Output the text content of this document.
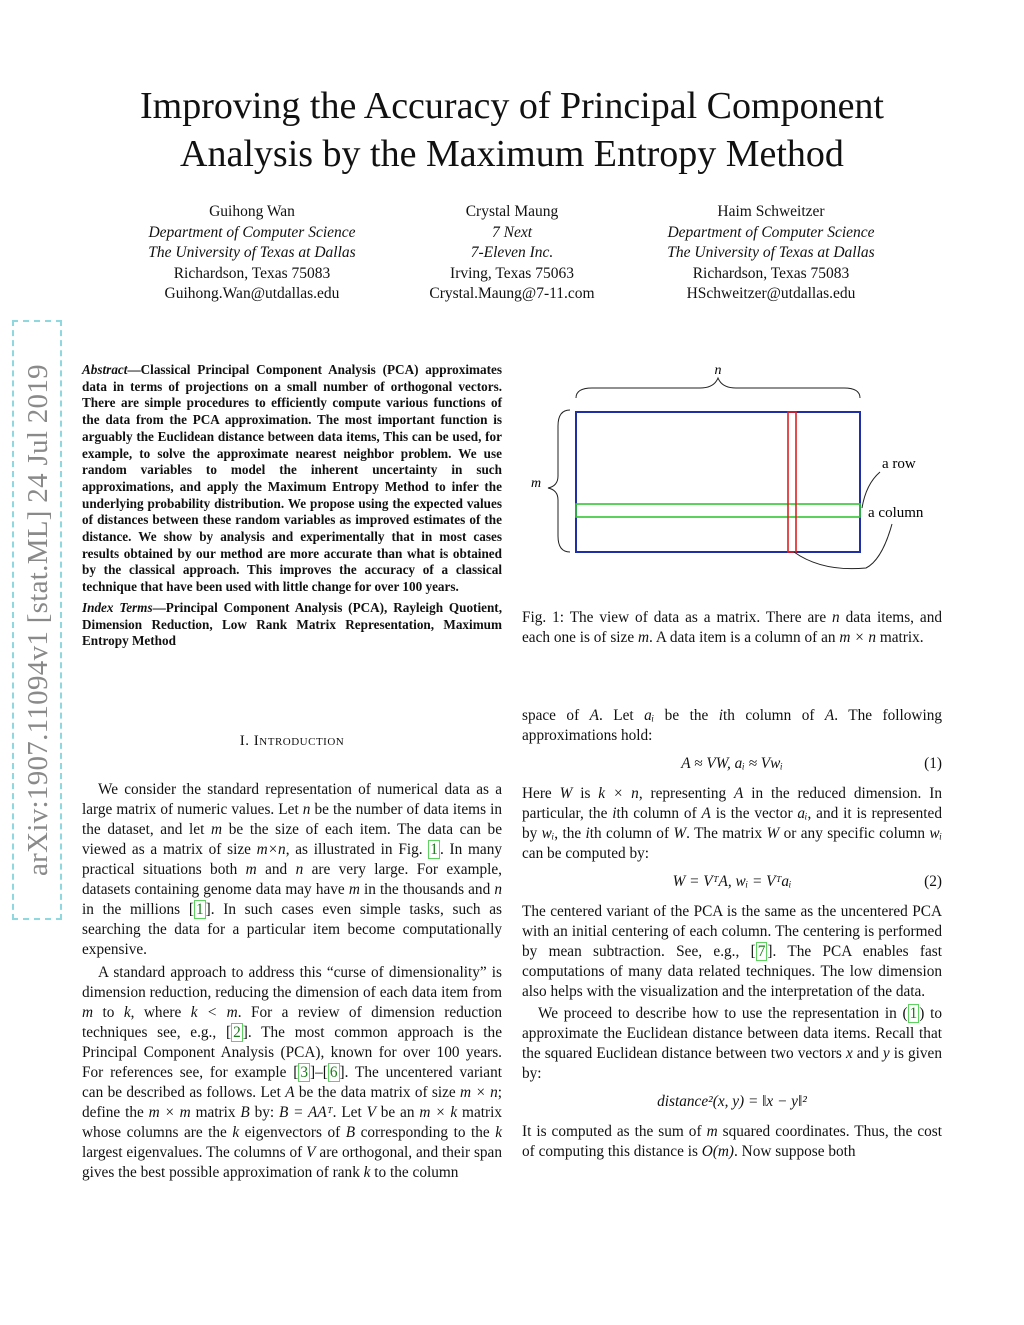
Improving the Accuracy of Principal Component
Analysis by the Maximum Entropy Method
Guihong Wan
Department of Computer Science
The University of Texas at Dallas
Richardson, Texas 75083
Guihong.Wan@utdallas.edu
Crystal Maung
7 Next
7-Eleven Inc.
Irving, Texas 75063
Crystal.Maung@7-11.com
Haim Schweitzer
Department of Computer Science
The University of Texas at Dallas
Richardson, Texas 75083
HSchweitzer@utdallas.edu
arXiv:1907.11094v1 [stat.ML] 24 Jul 2019	Abstract—Classical Principal Component Analysis (PCA) approximates data in terms of projections on a small number of orthogonal vectors. There are simple procedures to efficiently compute various functions of the data from the PCA approximation. The most important function is arguably the Euclidean distance between data items, This can be used, for example, to solve the approximate nearest neighbor problem. We use random variables to model the inherent uncertainty in such approximations, and apply the Maximum Entropy Method to infer the underlying probability distribution. We propose using the expected values of distances between these random variables as improved estimates of the distance. We show by analysis and experimentally that in most cases results obtained by our method are more accurate than what is obtained by the classical approach. This improves the accuracy of a classical technique that have been used with little change for over 100 years.

Index Terms—Principal Component Analysis (PCA), Rayleigh Quotient, Dimension Reduction, Low Rank Matrix Representation, Maximum Entropy Method

I. Introduction

We consider the standard representation of numerical data as a large matrix of numeric values. Let n be the number of data items in the dataset, and let m be the size of each item. The data can be viewed as a matrix of size m×n, as illustrated in Fig. 1 . In many practical situations both m and n are very large. For example, datasets containing genome data may have m in the thousands and n in the millions [ 1 ]. In such cases even simple tasks, such as searching the data for a particular item become computationally expensive.

A standard approach to address this “curse of dimensionality” is dimension reduction, reducing the dimension of each data item from m to k, where k < m. For a review of dimension reduction techniques see, e.g., [ 2 ]. The most common approach is the Principal Component Analysis (PCA), known for over 100 years. For references see, for example [ 3 ]–[ 6 ]. The uncentered variant can be described as follows. Let A be the data matrix of size m × n; define the m × m matrix B by: B = AAᵀ. Let V be an m × k matrix whose columns are the k eigenvectors of B corresponding to the k largest eigenvalues. The columns of V are orthogonal, and their span gives the best possible approximation of rank k to the column

n
m
a row
a column
Fig. 1: The view of data as a matrix. There are n data items, and each one is of size m. A data item is a column of an m × n matrix.

space of A. Let aᵢ be the ith column of A. The following approximations hold:

A ≈ VW, aᵢ ≈ Vwᵢ	(1)

Here W is k × n, representing A in the reduced dimension. In particular, the ith column of A is the vector aᵢ, and it is represented by wᵢ, the ith column of W. The matrix W or any specific column wᵢ can be computed by:

W = VᵀA, wᵢ = Vᵀaᵢ	(2)

The centered variant of the PCA is the same as the uncentered PCA with an initial centering of each column. The centering is performed by mean subtraction. See, e.g., [ 7 ]. The PCA enables fast computations of many data related techniques. The low dimension also helps with the visualization and the interpretation of the data.

We proceed to describe how to use the representation in ( 1 ) to approximate the Euclidean distance between data items. Recall that the squared Euclidean distance between two vectors x and y is given by:

distance²(x, y) = ‖x − y‖²

It is computed as the sum of m squared coordinates. Thus, the cost of computing this distance is O(m). Now suppose both
